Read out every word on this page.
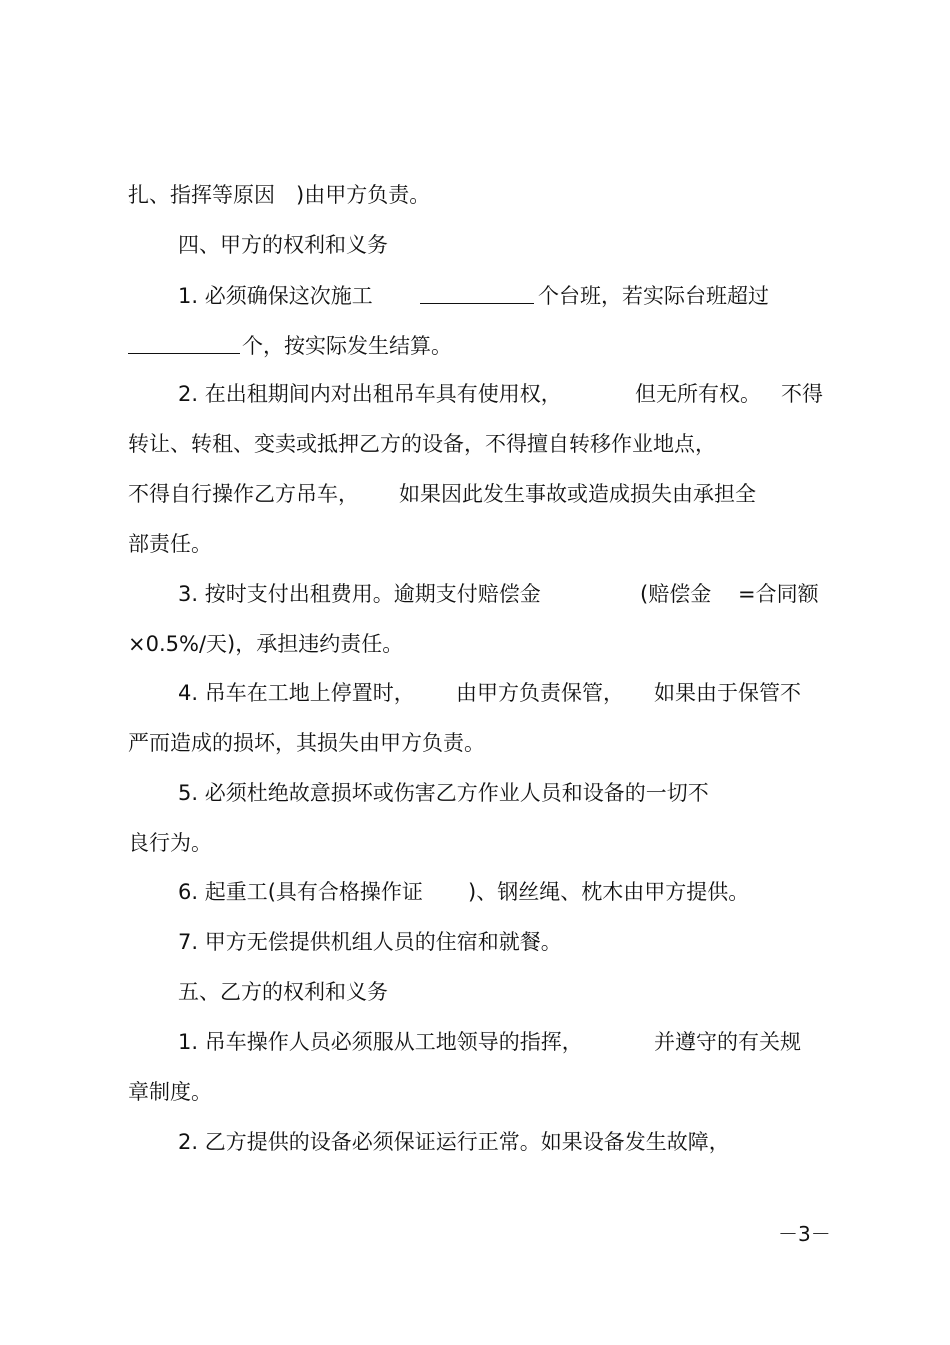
扎、指挥等原因

)由甲方负责。

四、甲方的权利和义务

1. 必须确保这次施工

	个台班，若实际台班超过

个，按实际发生结算。

2. 在出租期间内对出租吊车具有使用权，

	但无所有权。

不得

转让、转租、变卖或抵押乙方的设备，不得擅自转移作业地点，

不得自行操作乙方吊车，

如果因此发生事故或造成损失由承担全

部责任。

3. 按时支付出租费用。逾期支付赔偿金

	(赔偿金

=合同额

×0.5%/天)，承担违约责任。

4. 吊车在工地上停置时，

由甲方负责保管，

如果由于保管不

严而造成的损坏，其损失由甲方负责。

5. 必须杜绝故意损坏或伤害乙方作业人员和设备的一切不

良行为。

6. 起重工(具有合格操作证

)、钢丝绳、枕木由甲方提供。

7. 甲方无偿提供机组人员的住宿和就餐。

五、乙方的权利和义务

1. 吊车操作人员必须服从工地领导的指挥，

	并遵守的有关规

章制度。

2. 乙方提供的设备必须保证运行正常。如果设备发生故障，

－3－
